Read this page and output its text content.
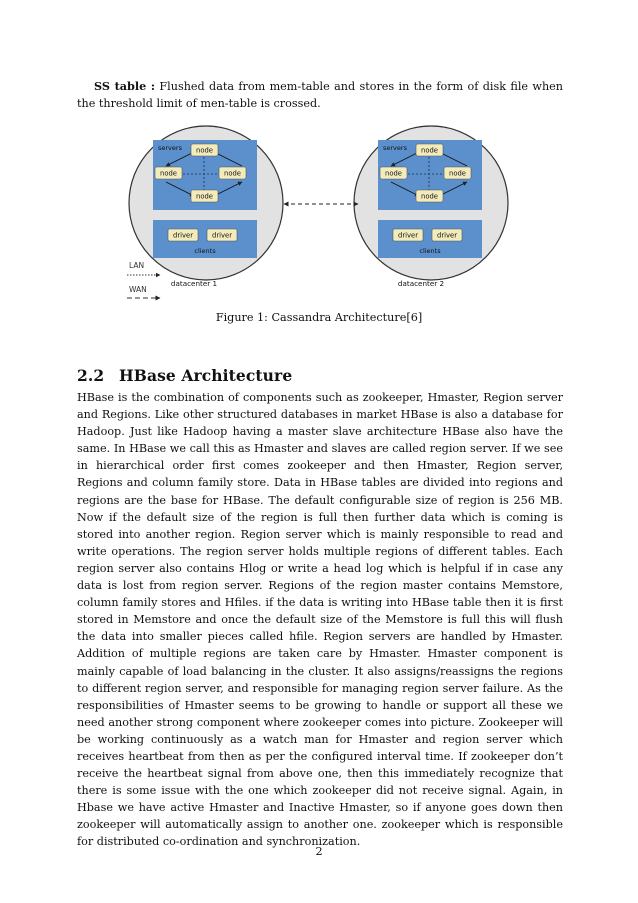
SS table : Flushed data from mem-table and stores in the form of disk file when the threshold limit of men-table is crossed.

servers node
node	node
node
driver	driver
clients
datacenter 1
servers node
node	node
node
driver	driver
clients
datacenter 2
LAN
WAN

Figure 1: Cassandra Architecture[6]

2.2 HBase Architecture

HBase is the combination of components such as zookeeper, Hmaster, Region server and Regions. Like other structured databases in market HBase is also a database for Hadoop. Just like Hadoop having a master slave architecture HBase also have the same. In HBase we call this as Hmaster and slaves are called region server. If we see in hierarchical order first comes zookeeper and then Hmaster, Region server, Regions and column family store. Data in HBase tables are divided into regions and regions are the base for HBase. The default configurable size of region is 256 MB. Now if the default size of the region is full then further data which is coming is stored into another region. Region server which is mainly responsible to read and write operations. The region server holds multiple regions of different tables. Each region server also contains Hlog or write a head log which is helpful if in case any data is lost from region server. Regions of the region master contains Memstore, column family stores and Hfiles. if the data is writing into HBase table then it is first stored in Memstore and once the default size of the Memstore is full this will flush the data into smaller pieces called hfile. Region servers are handled by Hmaster. Addition of multiple regions are taken care by Hmaster. Hmaster component is mainly capable of load balancing in the cluster. It also assigns/reassigns the regions to different region server, and responsible for managing region server failure. As the responsibilities of Hmaster seems to be growing to handle or support all these we need another strong component where zookeeper comes into picture. Zookeeper will be working continuously as a watch man for Hmaster and region server which receives heartbeat from then as per the configured interval time. If zookeeper don’t receive the heartbeat signal from above one, then this immediately recognize that there is some issue with the one which zookeeper did not receive signal. Again, in Hbase we have active Hmaster and Inactive Hmaster, so if anyone goes down then zookeeper will automatically assign to another one. zookeeper which is responsible for distributed co-ordination and synchronization.

2
